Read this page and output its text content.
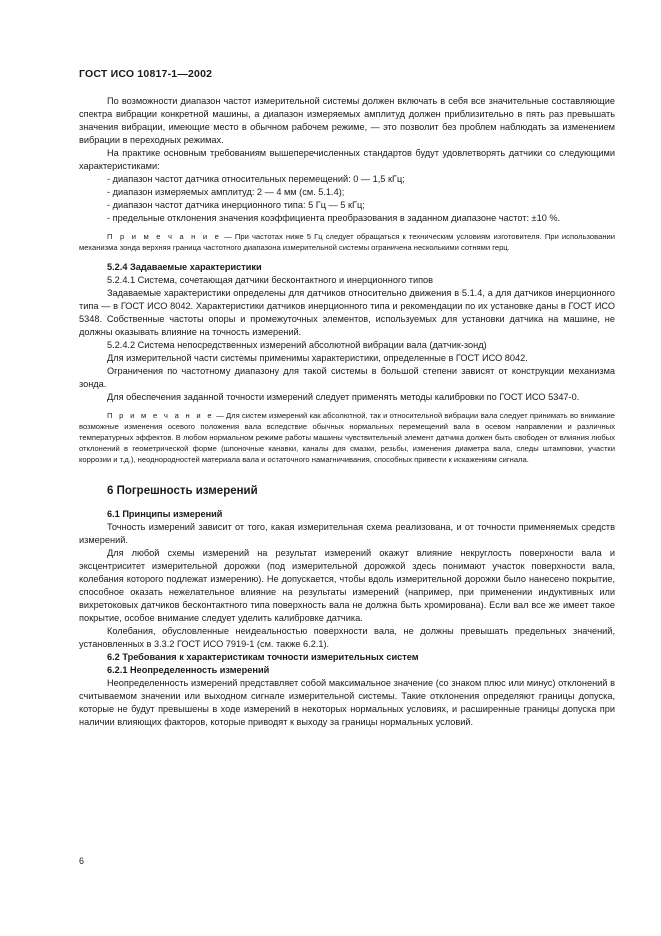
ГОСТ ИСО 10817-1—2002

По возможности диапазон частот измерительной системы должен включать в себя все значительные составляющие спектра вибрации конкретной машины, а диапазон измеряемых амплитуд должен приблизительно в пять раз превышать значения вибрации, имеющие место в обычном рабочем режиме, — это позволит без проблем наблюдать за изменением вибрации в переходных режимах.

На практике основным требованиям вышеперечисленных стандартов будут удовлетворять датчики со следующими характеристиками:

- диапазон частот датчика относительных перемещений: 0 — 1,5 кГц;

- диапазон измеряемых амплитуд: 2 — 4 мм (см. 5.1.4);

- диапазон частот датчика инерционного типа: 5 Гц — 5 кГц;

- предельные отклонения значения коэффициента преобразования в заданном диапазоне частот: ±10 %.

П р и м е ч а н и е — При частотах ниже 5 Гц следует обращаться к техническим условиям изготовителя. При использовании механизма зонда верхняя граница частотного диапазона измерительной системы ограничена несколькими сотнями герц.

5.2.4 Задаваемые характеристики

5.2.4.1 Система, сочетающая датчики бесконтактного и инерционного типов

Задаваемые характеристики определены для датчиков относительно движения в 5.1.4, а для датчиков инерционного типа — в ГОСТ ИСО 8042. Характеристики датчиков инерционного типа и рекомендации по их установке даны в ГОСТ ИСО 5348. Собственные частоты опоры и промежуточных элементов, используемых для установки датчика на машине, не должны оказывать влияние на точность измерений.

5.2.4.2 Система непосредственных измерений абсолютной вибрации вала (датчик-зонд)

Для измерительной части системы применимы характеристики, определенные в ГОСТ ИСО 8042.

Ограничения по частотному диапазону для такой системы в большой степени зависят от конструкции механизма зонда.

Для обеспечения заданной точности измерений следует применять методы калибровки по ГОСТ ИСО 5347-0.

П р и м е ч а н и е — Для систем измерений как абсолютной, так и относительной вибрации вала следует принимать во внимание возможные изменения осевого положения вала вследствие обычных нормальных перемещений вала в осевом направлении и различных температурных эффектов. В любом нормальном режиме работы машины чувствительный элемент датчика должен быть свободен от влияния любых отклонений в геометрической форме (шпоночные канавки, каналы для смазки, резьбы, изменения диаметра вала, следы штамповки, участки коррозии и т.д.), неоднородностей материала вала и остаточного намагничивания, способных привести к искажениям сигнала.

6 Погрешность измерений

6.1 Принципы измерений

Точность измерений зависит от того, какая измерительная схема реализована, и от точности применяемых средств измерений.

Для любой схемы измерений на результат измерений окажут влияние некруглость поверхности вала и эксцентриситет измерительной дорожки (под измерительной дорожкой здесь понимают участок поверхности вала, колебания которого подлежат измерению). Не допускается, чтобы вдоль измерительной дорожки было нанесено покрытие, способное оказать нежелательное влияние на результаты измерений (например, при применении индуктивных или вихретоковых датчиков бесконтактного типа поверхность вала не должна быть хромирована). Если вал все же имеет такое покрытие, особое внимание следует уделить калибровке датчика.

Колебания, обусловленные неидеальностью поверхности вала, не должны превышать предельных значений, установленных в 3.3.2 ГОСТ ИСО 7919-1 (см. также 6.2.1).

6.2 Требования к характеристикам точности измерительных систем

6.2.1 Неопределенность измерений

Неопределенность измерений представляет собой максимальное значение (со знаком плюс или минус) отклонений в считываемом значении или выходном сигнале измерительной системы. Такие отклонения определяют границы допуска, которые не будут превышены в ходе измерений в некоторых нормальных условиях, и расширенные границы допуска при наличии влияющих факторов, которые приводят к выходу за границы нормальных условий.

6
